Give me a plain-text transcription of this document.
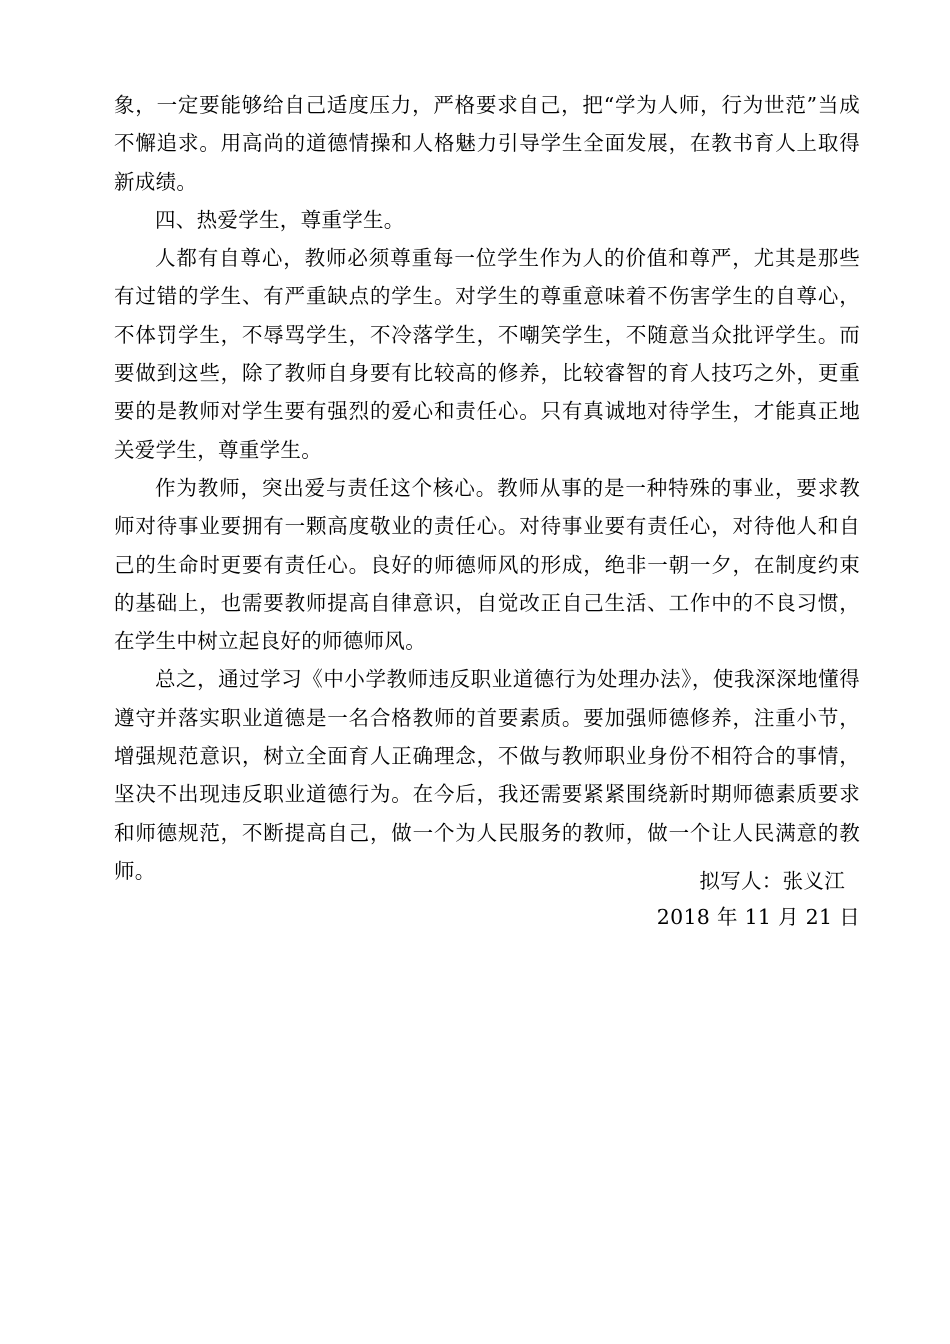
象，一定要能够给自己适度压力，严格要求自己，把“学为人师，行为世范”当成不懈追求。用高尚的道德情操和人格魅力引导学生全面发展，在教书育人上取得新成绩。

四、热爱学生，尊重学生。

人都有自尊心，教师必须尊重每一位学生作为人的价值和尊严，尤其是那些有过错的学生、有严重缺点的学生。对学生的尊重意味着不伤害学生的自尊心，不体罚学生，不辱骂学生，不冷落学生，不嘲笑学生，不随意当众批评学生。而要做到这些，除了教师自身要有比较高的修养，比较睿智的育人技巧之外，更重要的是教师对学生要有强烈的爱心和责任心。只有真诚地对待学生，才能真正地关爱学生，尊重学生。

作为教师，突出爱与责任这个核心。教师从事的是一种特殊的事业，要求教师对待事业要拥有一颗高度敬业的责任心。对待事业要有责任心，对待他人和自己的生命时更要有责任心。良好的师德师风的形成，绝非一朝一夕，在制度约束的基础上，也需要教师提高自律意识，自觉改正自己生活、工作中的不良习惯，在学生中树立起良好的师德师风。

总之，通过学习《中小学教师违反职业道德行为处理办法》，使我深深地懂得遵守并落实职业道德是一名合格教师的首要素质。要加强师德修养，注重小节，增强规范意识，树立全面育人正确理念，不做与教师职业身份不相符合的事情，坚决不出现违反职业道德行为。在今后，我还需要紧紧围绕新时期师德素质要求和师德规范，不断提高自己，做一个为人民服务的教师，做一个让人民满意的教师。	拟写人：张义江
2018 年 11 月 21 日
